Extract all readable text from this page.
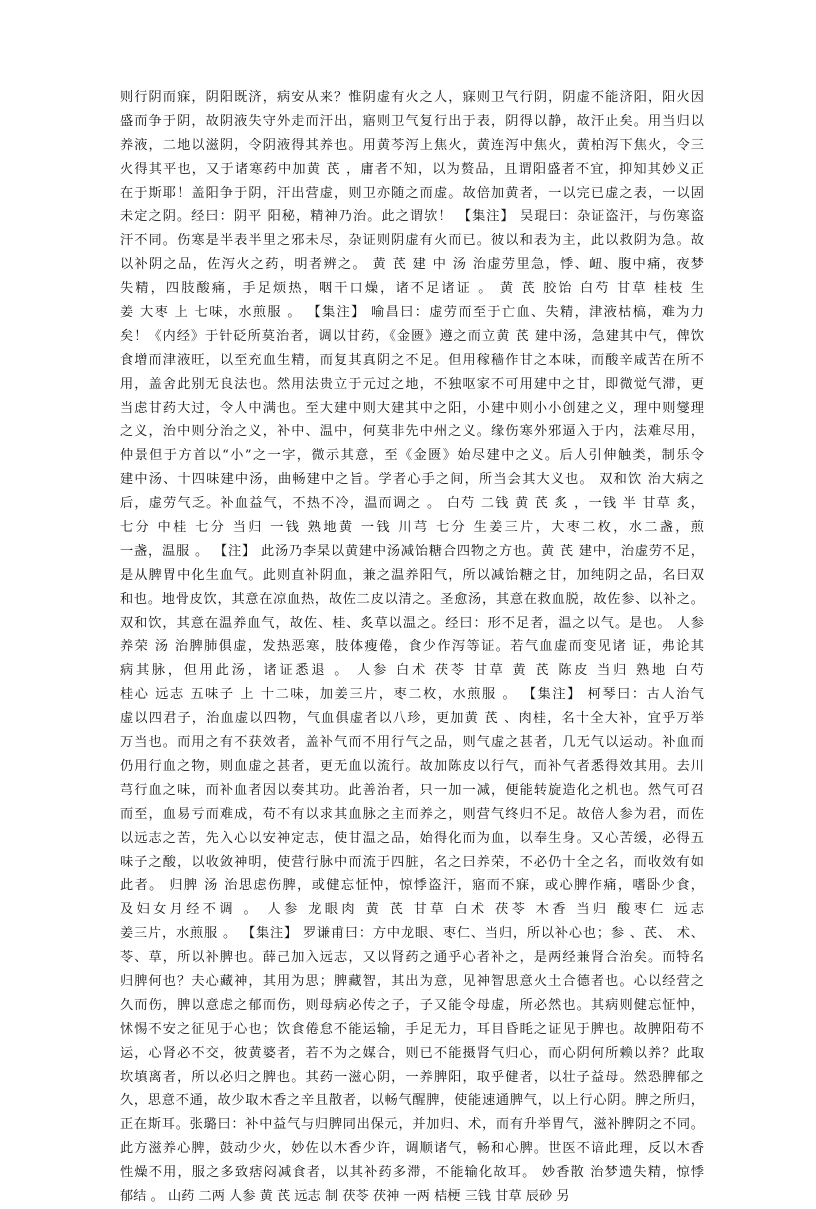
则行阴而寐，阴阳既济，病安从来？惟阴虚有火之人，寐则卫气行阴，阴虚不能济阳，阳火因
盛而争于阴，故阴液失守外走而汗出，寤则卫气复行出于表，阴得以静，故汗止矣。用当归以
养液，二地以滋阴，令阴液得其养也。用黄芩泻上焦火，黄连泻中焦火，黄柏泻下焦火，令三
火得其平也，又于诸寒药中加黄 芪 ，庸者不知，以为赘品，且谓阳盛者不宜，抑知其妙义正
在于斯耶！盖阳争于阴，汗出营虚，则卫亦随之而虚。故倍加黄者，一以完已虚之表，一以固
未定之阴。经曰：阴平 阳秘，精神乃治。此之谓欤！ 【集注】 吴琨曰：杂证盗汗，与伤寒盗
汗不同。伤寒是半表半里之邪未尽，杂证则阴虚有火而已。彼以和表为主，此以救阴为急。故
以补阴之品，佐泻火之药，明者辨之。 黄 芪 建 中 汤 治虚劳里急，悸、衄、腹中痛，夜梦
失精，四肢酸痛，手足烦热，咽干口燥，诸不足诸证 。 黄 芪 胶饴 白芍 甘草 桂枝 生
姜 大枣 上 七味，水煎服 。 【集注】 喻昌曰：虚劳而至于亡血、失精，津液枯槁，难为力
矣！《内经》于针砭所莫治者，调以甘药，《金匮》遵之而立黄 芪 建中汤，急建其中气，俾饮
食增而津液旺，以至充血生精，而复其真阴之不足。但用稼穑作甘之本味，而酸辛咸苦在所不
用，盖舍此别无良法也。然用法贵立于元过之地，不独呕家不可用建中之甘，即微觉气滞，更
当虑甘药大过，令人中满也。至大建中则大建其中之阳，小建中则小小创建之义，理中则燮理
之义，治中则分治之义，补中、温中，何莫非先中州之义。缘伤寒外邪逼入于内，法难尽用，
仲景但于方首以“小”之一字，微示其意，至《金匮》始尽建中之义。后人引伸触类，制乐令
建中汤、十四味建中汤，曲畅建中之旨。学者心手之间，所当会其大义也。 双和饮 治大病之
后，虚劳气乏。补血益气，不热不冷，温而调之 。 白芍 二钱 黄 芪 炙 ，一钱 半 甘草 炙，
七分 中桂 七分 当归 一钱 熟地黄 一钱 川芎 七分 生姜三片，大枣二枚，水二盏，煎
一盏，温服 。 【注】 此汤乃李杲以黄建中汤减饴糖合四物之方也。黄 芪 建中，治虚劳不足，
是从脾胃中化生血气。此则直补阴血，兼之温养阳气，所以减饴糖之甘，加纯阴之品，名曰双
和也。地骨皮饮，其意在凉血热，故佐二皮以清之。圣愈汤，其意在救血脱，故佐参、以补之。
双和饮，其意在温养血气，故佐、桂、炙草以温之。经曰：形不足者，温之以气。是也。 人参
养荣 汤 治脾肺俱虚，发热恶寒，肢体瘦倦，食少作泻等证。若气血虚而变见诸 证，弗论其
病其脉，但用此汤，诸证悉退 。 人参 白术 茯苓 甘草 黄 芪 陈皮 当归 熟地 白芍
桂心 远志 五味子 上 十二味，加姜三片，枣二枚，水煎服 。 【集注】 柯琴曰：古人治气
虚以四君子，治血虚以四物，气血俱虚者以八珍，更加黄 芪 、肉桂，名十全大补，宜乎万举
万当也。而用之有不获效者，盖补气而不用行气之品，则气虚之甚者，几无气以运动。补血而
仍用行血之物，则血虚之甚者，更无血以流行。故加陈皮以行气，而补气者悉得效其用。去川
芎行血之味，而补血者因以奏其功。此善治者，只一加一减，便能转旋造化之机也。然气可召
而至，血易亏而难成，苟不有以求其血脉之主而养之，则营气终归不足。故倍人参为君，而佐
以远志之苦，先入心以安神定志，使甘温之品，始得化而为血，以奉生身。又心苦缓，必得五
味子之酸，以收敛神明，使营行脉中而流于四脏，名之曰养荣，不必仍十全之名，而收效有如
此者。 归脾 汤 治思虑伤脾，或健忘怔忡，惊悸盗汗，寤而不寐，或心脾作痛，嗜卧少食，
及妇女月经不调 。 人参 龙眼肉 黄 芪 甘草 白术 茯苓 木香 当归 酸枣仁 远志
姜三片，水煎服 。 【集注】 罗谦甫曰：方中龙眼、枣仁、当归，所以补心也；参 、芪、 术、
苓、草，所以补脾也。薛己加入远志，又以肾药之通乎心者补之，是两经兼肾合治矣。而特名
归脾何也？夫心藏神，其用为思；脾藏智，其出为意，见神智思意火土合德者也。心以经营之
久而伤，脾以意虑之郁而伤，则母病必传之子，子又能令母虚，所必然也。其病则健忘怔忡，
怵惕不安之征见于心也；饮食倦怠不能运输，手足无力，耳目昏眊之证见于脾也。故脾阳苟不
运，心肾必不交，彼黄婆者，若不为之媒合，则已不能摄肾气归心，而心阴何所赖以养？此取
坎填离者，所以必归之脾也。其药一滋心阴，一养脾阳，取乎健者，以壮子益母。然恐脾郁之
久，思意不通，故少取木香之辛且散者，以畅气醒脾，使能速通脾气，以上行心阴。脾之所归，
正在斯耳。张璐曰：补中益气与归脾同出保元，并加归、术，而有升举胃气，滋补脾阴之不同。
此方滋养心脾，鼓动少火，妙佐以木香少许，调顺诸气，畅和心脾。世医不谙此理，反以木香
性燥不用，服之多致痞闷减食者，以其补药多滞，不能输化故耳。 妙香散 治梦遗失精，惊悸
郁结 。 山药 二两 人参 黄 芪 远志 制 茯苓 茯神 一两 桔梗 三钱 甘草 辰砂 另
